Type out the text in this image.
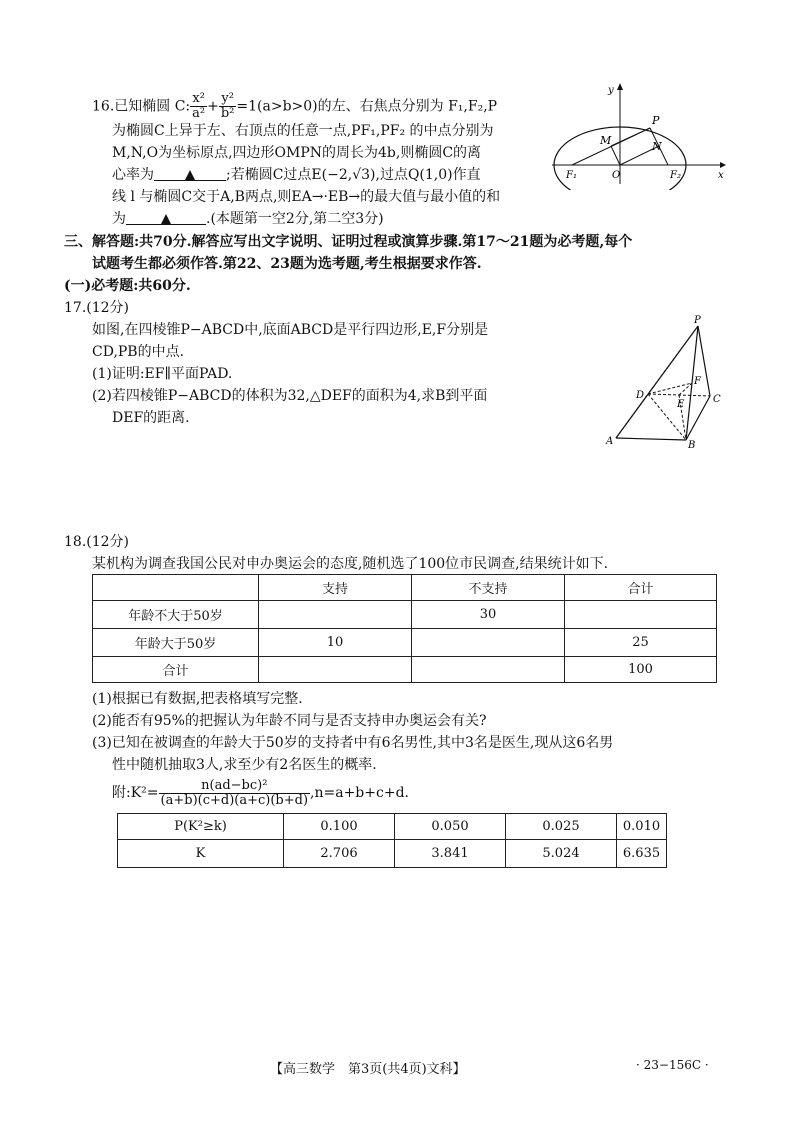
16.已知椭圆 C: $\frac{\text{x²}}{\text{a²}} + \frac{\text{y²}}{\text{b²}} =1(a>b>0)$的左、右焦点分别为 F₁,F₂,P
为椭圆C上异于左、右顶点的任意一点,PF₁,PF₂ 的中点分别为
M,N,O为坐标原点,四边形OMPN的周长为4b,则椭圆C的离
心率为 ▲ ;若椭圆C过点E(−2,√3),过点Q(1,0)作直
线 l 与椭圆C交于A,B两点,则EA→·EB→的最大值与最小值的和
为 ▲ .(本题第一空2分,第二空3分)
y
x
M
P
N
F₁	O	F₂
三、解答题:共70分.解答应写出文字说明、证明过程或演算步骤.第17～21题为必考题,每个
试题考生都必须作答.第22、23题为选考题,考生根据要求作答.
(一)必考题:共60分.
17.(12分)
如图,在四棱锥P−ABCD中,底面ABCD是平行四边形,E,F分别是
CD,PB的中点.
(1)证明:EF∥平面PAD.
(2)若四棱锥P−ABCD的体积为32,△DEF的面积为4,求B到平面
DEF的距离.
P
D
F
E	C
A	B
18.(12分)
某机构为调查我国公民对申办奥运会的态度,随机选了100位市民调查,结果统计如下.
	支持	不支持	合计
年龄不大于50岁		30	
年龄大于50岁	10		25
合计			100
(1)根据已有数据,把表格填写完整.
(2)能否有95%的把握认为年龄不同与是否支持申办奥运会有关?
(3)已知在被调查的年龄大于50岁的支持者中有6名男性,其中3名是医生,现从这6名男
性中随机抽取3人,求至少有2名医生的概率.
附:K²= $\frac{\text{n(ad−bc)²}}{(a+b)(c+d)(a+c)(b+d)} ,n=a+b+c+d$.
P(K²≥k)	0.100	0.050	0.025	0.010
K	2.706	3.841	5.024	6.635
【高三数学　第3页(共4页)文科】	· 23−156C ·
